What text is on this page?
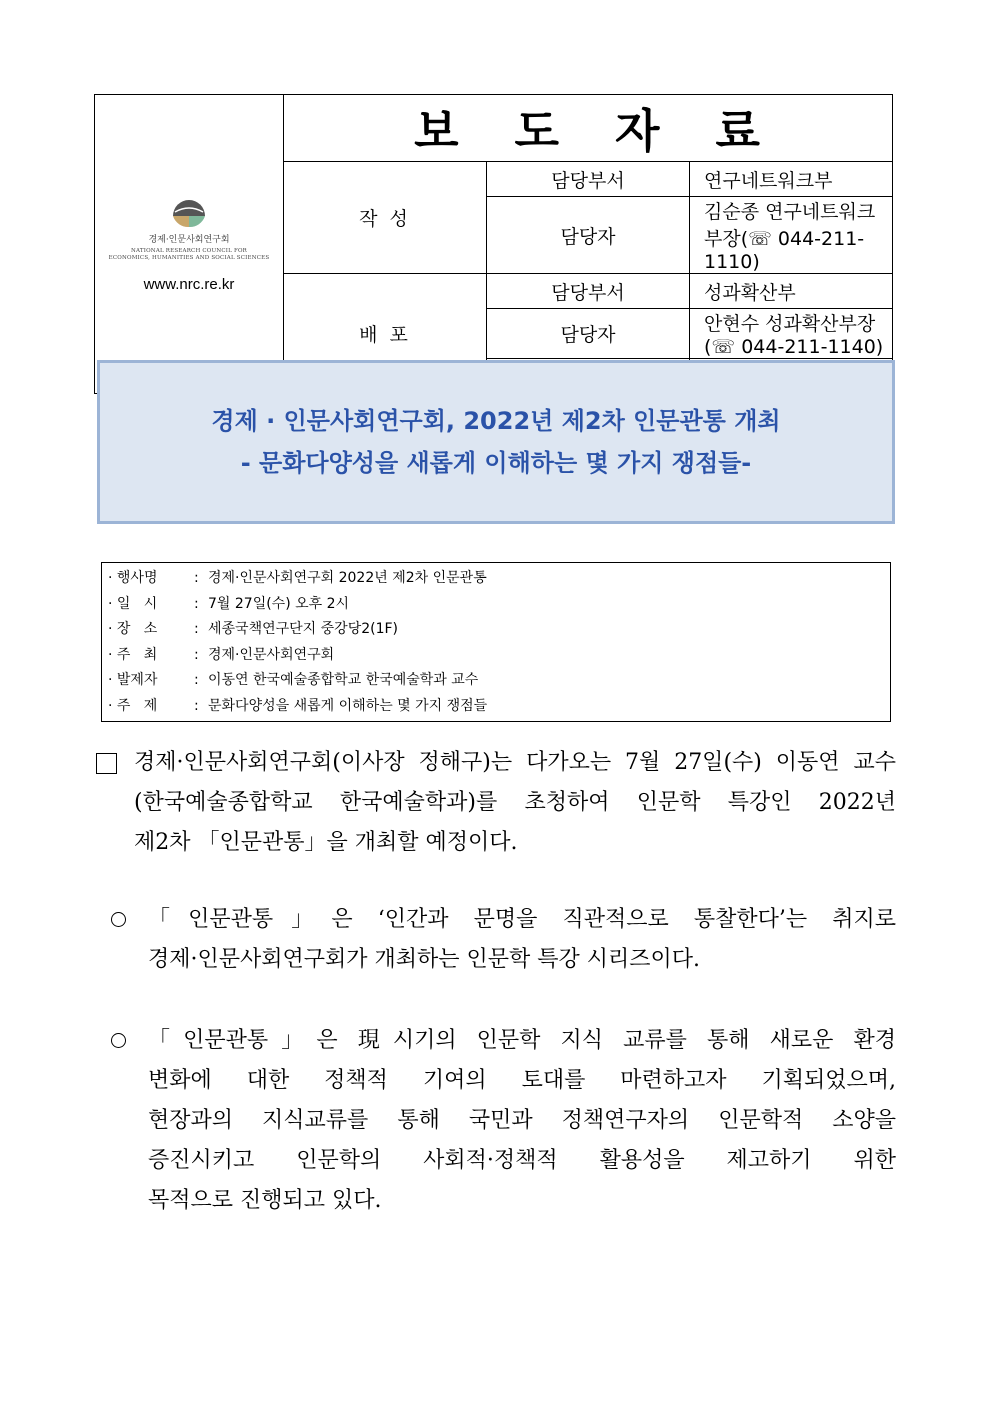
경제·인문사회연구회
NATIONAL RESEARCH COUNCIL FOR
ECONOMICS, HUMANITIES AND SOCIAL SCIENCES
www.nrc.re.kr	보 도 자 료		
	작 성	담당부서	연구네트워크부
		담당자	김순종 연구네트워크부장(☏ 044-211-1110)
	배 포	담당부서	성과확산부
		담당자	안현수 성과확산부장(☏ 044-211-1140)

경제 · 인문사회연구회, 2022년 제2차 인문관통 개최
- 문화다양성을 새롭게 이해하는 몇 가지 쟁점들-
· 행사명	: 경제·인문사회연구회 2022년 제2차 인문관통
· 일   시	: 7월 27일(수) 오후 2시
· 장   소	: 세종국책연구단지 중강당2(1F)
· 주   최	: 경제·인문사회연구회
· 발제자	: 이동연 한국예술종합학교 한국예술학과 교수
· 주   제	: 문화다양성을 새롭게 이해하는 몇 가지 쟁점들
경제·인문사회연구회(이사장 정해구)는 다가오는 7월 27일(수) 이동연 교수
(한국예술종합학교 한국예술학과)를 초청하여 인문학 특강인 2022년
제2차 「인문관통」을 개최할 예정이다.
「인문관통」은 ‘인간과 문명을 직관적으로 통찰한다’는 취지로
경제·인문사회연구회가 개최하는 인문학 특강 시리즈이다.
「인문관통」은 現시기의 인문학 지식 교류를 통해 새로운 환경
변화에 대한 정책적 기여의 토대를 마련하고자 기획되었으며,
현장과의 지식교류를 통해 국민과 정책연구자의 인문학적 소양을
증진시키고 인문학의 사회적·정책적 활용성을 제고하기 위한
목적으로 진행되고 있다.
